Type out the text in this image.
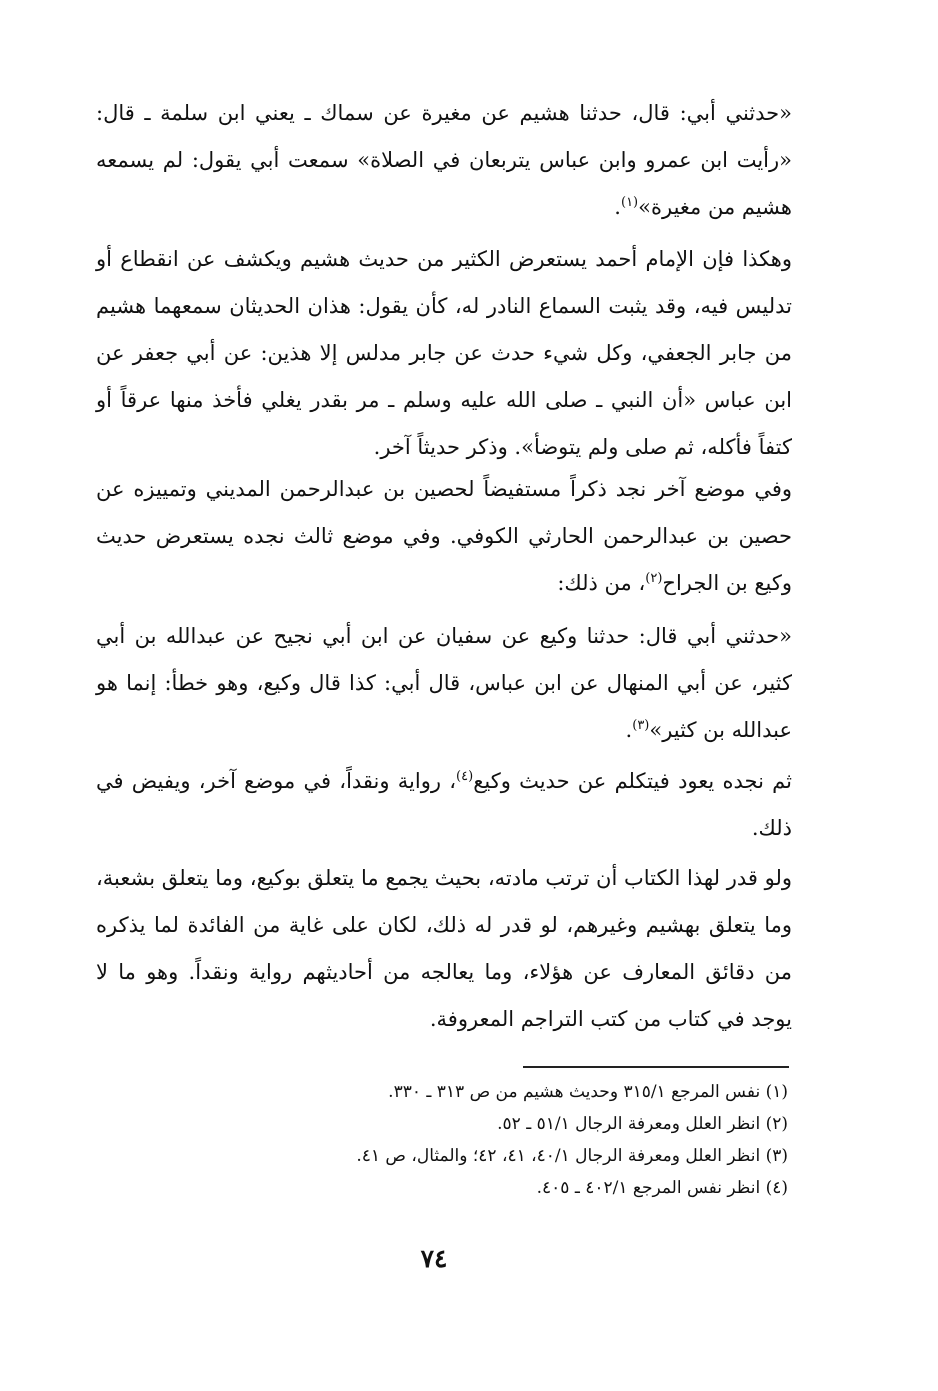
«حدثني أبي: قال، حدثنا هشيم عن مغيرة عن سماك ـ يعني ابن سلمة ـ قال: «رأيت ابن عمرو وابن عباس يتربعان في الصلاة» سمعت أبي يقول: لم يسمعه هشيم من مغيرة»$^{(١)}$.

وهكذا فإن الإمام أحمد يستعرض الكثير من حديث هشيم ويكشف عن انقطاع أو تدليس فيه، وقد يثبت السماع النادر له، كأن يقول: هذان الحديثان سمعهما هشيم من جابر الجعفي، وكل شيء حدث عن جابر مدلس إلا هذين: عن أبي جعفر عن ابن عباس «أن النبي ـ صلى الله عليه وسلم ـ مر بقدر يغلي فأخذ منها عرقاً أو كتفاً فأكله، ثم صلى ولم يتوضأ». وذكر حديثاً آخر.

وفي موضع آخر نجد ذكراً مستفيضاً لحصين بن عبدالرحمن المديني وتمييزه عن حصين بن عبدالرحمن الحارثي الكوفي. وفي موضع ثالث نجده يستعرض حديث وكيع بن الجراح$^{(٢)}$، من ذلك:

«حدثني أبي قال: حدثنا وكيع عن سفيان عن ابن أبي نجيح عن عبدالله بن أبي كثير، عن أبي المنهال عن ابن عباس، قال أبي: كذا قال وكيع، وهو خطأ: إنما هو عبدالله بن كثير»$^{(٣)}$.

ثم نجده يعود فيتكلم عن حديث وكيع$^{(٤)}$، رواية ونقداً، في موضع آخر، ويفيض في ذلك.

ولو قدر لهذا الكتاب أن ترتب مادته، بحيث يجمع ما يتعلق بوكيع، وما يتعلق بشعبة، وما يتعلق بهشيم وغيرهم، لو قدر له ذلك، لكان على غاية من الفائدة لما يذكره من دقائق المعارف عن هؤلاء، وما يعالجه من أحاديثهم رواية ونقداً. وهو ما لا يوجد في كتاب من كتب التراجم المعروفة.

(١) نفس المرجع ٣١٥/١ وحديث هشيم من ص ٣١٣ ـ ٣٣٠.
(٢) انظر العلل ومعرفة الرجال ٥١/١ ـ ٥٢.
(٣) انظر العلل ومعرفة الرجال ٤٠/١، ٤١، ٤٢؛ والمثال، ص ٤١.
(٤) انظر نفس المرجع ٤٠٢/١ ـ ٤٠٥.
٧٤
